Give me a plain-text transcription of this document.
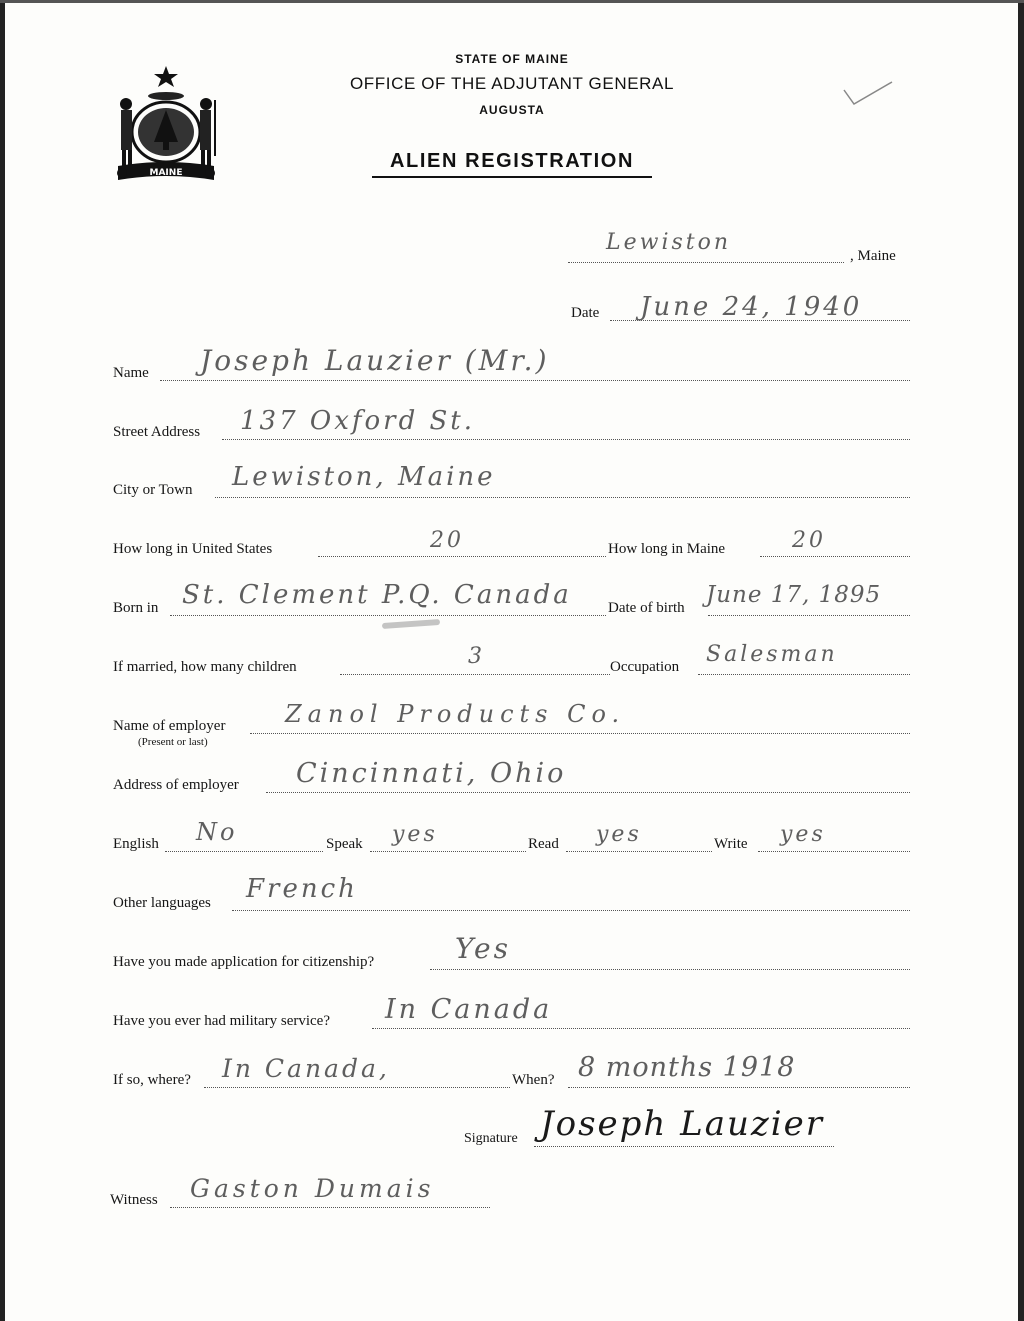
MAINE
STATE OF MAINE
OFFICE OF THE ADJUTANT GENERAL
AUGUSTA
ALIEN REGISTRATION
Lewiston
, Maine
Date June 24, 1940
Name Joseph Lauzier (Mr.)
Street Address 137 Oxford St.
City or Town Lewiston, Maine
How long in United States	20	How long in Maine	20
Born in St. Clement P.Q. Canada Date of birth June 17, 1895
If married, how many children	3	Occupation Salesman
Name of employer
(Present or last)
Zanol Products Co.
Address of employer Cincinnati, Ohio
English No	Speak yes	Read yes	Write yes
Other languages French
Have you made application for citizenship?	Yes
Have you ever had military service? In Canada
If so, where? In Canada,	When? 8 months 1918
Signature Joseph Lauzier
Witness Gaston Dumais
